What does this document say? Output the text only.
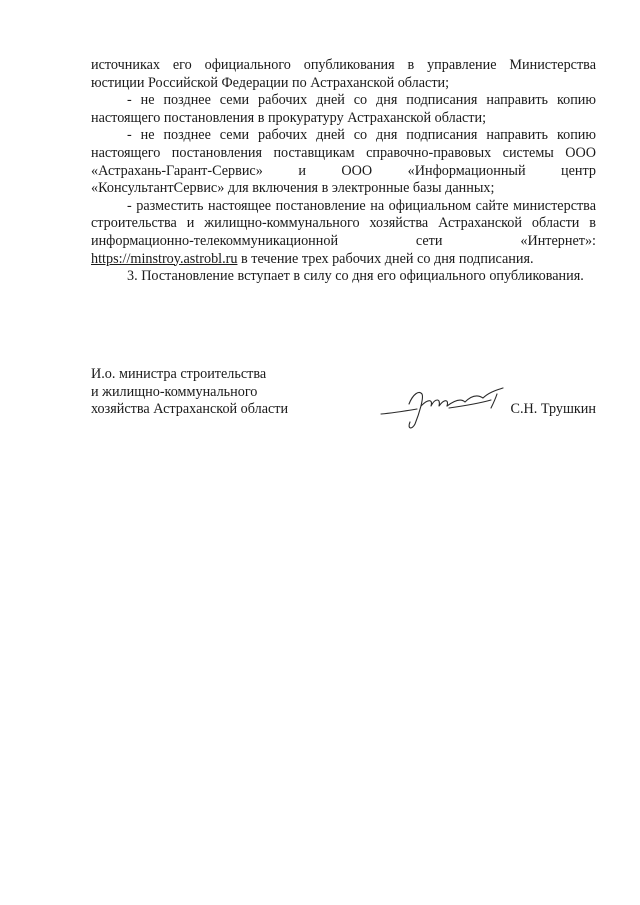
источниках его официального опубликования в управление Министерства юстиции Российской Федерации по Астраханской области;

- не позднее семи рабочих дней со дня подписания направить копию настоящего постановления в прокуратуру Астраханской области;

- не позднее семи рабочих дней со дня подписания направить копию настоящего постановления поставщикам справочно-правовых системы ООО «Астрахань-Гарант-Сервис» и ООО «Информационный центр «КонсультантСервис» для включения в электронные базы данных;

- разместить настоящее постановление на официальном сайте министерства строительства и жилищно-коммунального хозяйства Астраханской области в информационно-телекоммуникационной сети «Интернет»: https://minstroy.astrobl.ru в течение трех рабочих дней со дня подписания.

3. Постановление вступает в силу со дня его официального опубликования.

И.о. министра строительства
и жилищно-коммунального
хозяйства Астраханской области	С.Н. Трушкин
